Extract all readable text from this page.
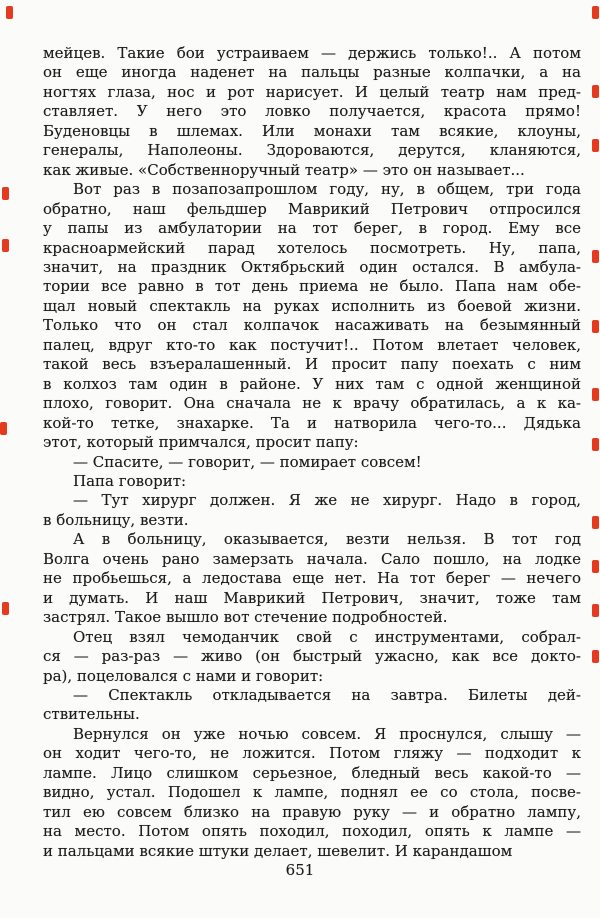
мейцев. Такие бои устраиваем — держись только!.. А потом
он еще иногда наденет на пальцы разные колпачки, а на
ногтях глаза, нос и рот нарисует. И целый театр нам пред-
ставляет. У него это ловко получается, красота прямо!
Буденовцы в шлемах. Или монахи там всякие, клоуны,
генералы, Наполеоны. Здороваются, дерутся, кланяются,
как живые. «Собственноручный театр» — это он называет...
Вот раз в позапозапрошлом году, ну, в общем, три года
обратно, наш фельдшер Маврикий Петрович отпросился
у папы из амбулатории на тот берег, в город. Ему все
красноармейский парад хотелось посмотреть. Ну, папа,
значит, на праздник Октябрьский один остался. В амбула-
тории все равно в тот день приема не было. Папа нам обе-
щал новый спектакль на руках исполнить из боевой жизни.
Только что он стал колпачок насаживать на безымянный
палец, вдруг кто-то как постучит!.. Потом влетает человек,
такой весь взъералашенный. И просит папу поехать с ним
в колхоз там один в районе. У них там с одной женщиной
плохо, говорит. Она сначала не к врачу обратилась, а к ка-
кой-то тетке, знахарке. Та и натворила чего-то... Дядька
этот, который примчался, просит папу:
— Спасите, — говорит, — помирает совсем!
Папа говорит:
— Тут хирург должен. Я же не хирург. Надо в город,
в больницу, везти.
А в больницу, оказывается, везти нельзя. В тот год
Волга очень рано замерзать начала. Сало пошло, на лодке
не пробьешься, а ледостава еще нет. На тот берег — нечего
и думать. И наш Маврикий Петрович, значит, тоже там
застрял. Такое вышло вот стечение подробностей.
Отец взял чемоданчик свой с инструментами, собрал-
ся — раз-раз — живо (он быстрый ужасно, как все докто-
ра), поцеловался с нами и говорит:
— Спектакль откладывается на завтра. Билеты дей-
ствительны.
Вернулся он уже ночью совсем. Я проснулся, слышу —
он ходит чего-то, не ложится. Потом гляжу — подходит к
лампе. Лицо слишком серьезное, бледный весь какой-то —
видно, устал. Подошел к лампе, поднял ее со стола, посве-
тил ею совсем близко на правую руку — и обратно лампу,
на место. Потом опять походил, походил, опять к лампе —
и пальцами всякие штуки делает, шевелит. И карандашом
651
